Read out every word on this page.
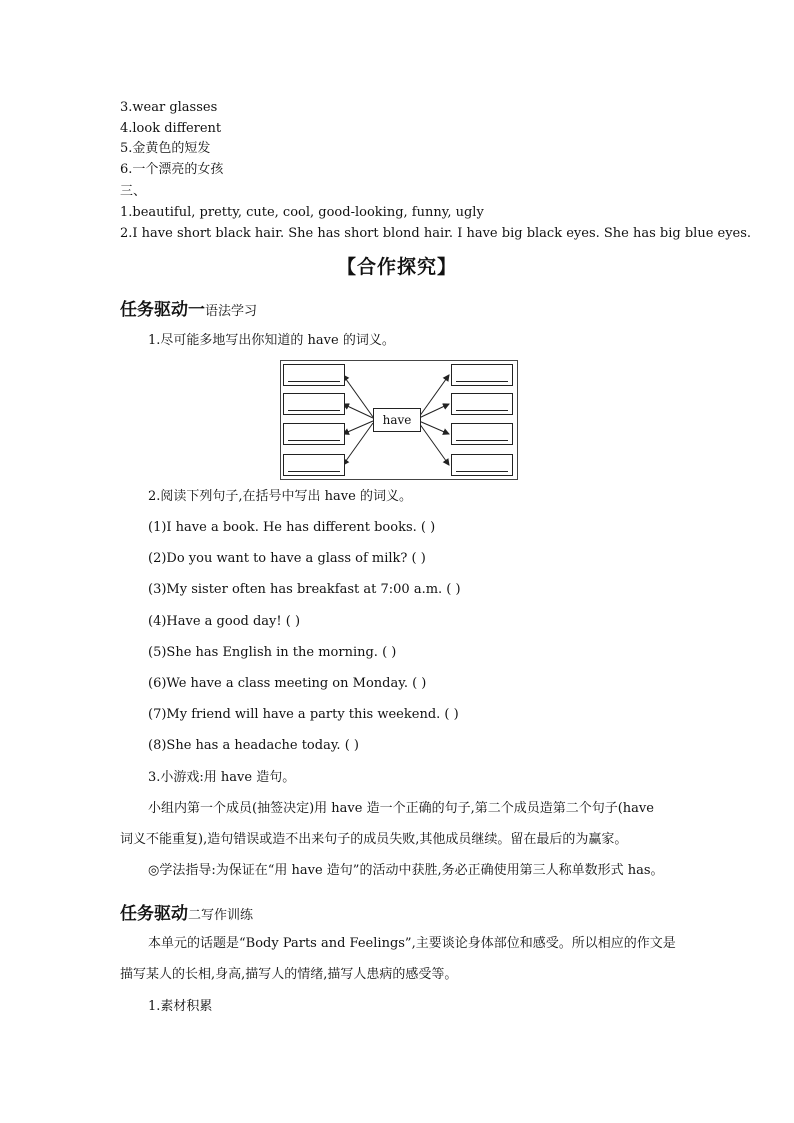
3.wear glasses
4.look different
5.金黄色的短发
6.一个漂亮的女孩
三、
1.beautiful, pretty, cute, cool, good-looking, funny, ugly
2.I have short black hair. She has short blond hair. I have big black eyes. She has big blue eyes.
【合作探究】
任务驱动一语法学习
1.尽可能多地写出你知道的 have 的词义。
have
2.阅读下列句子,在括号中写出 have 的词义。
(1)I have a book. He has different books. ( )
(2)Do you want to have a glass of milk? ( )
(3)My sister often has breakfast at 7:00 a.m. ( )
(4)Have a good day! ( )
(5)She has English in the morning. ( )
(6)We have a class meeting on Monday. ( )
(7)My friend will have a party this weekend. ( )
(8)She has a headache today. ( )
3.小游戏:用 have 造句。
小组内第一个成员(抽签决定)用 have 造一个正确的句子,第二个成员造第二个句子(have
词义不能重复),造句错误或造不出来句子的成员失败,其他成员继续。留在最后的为赢家。
◎学法指导:为保证在“用 have 造句”的活动中获胜,务必正确使用第三人称单数形式 has。
任务驱动二写作训练
本单元的话题是“Body Parts and Feelings”,主要谈论身体部位和感受。所以相应的作文是
描写某人的长相,身高,描写人的情绪,描写人患病的感受等。
1.素材积累
